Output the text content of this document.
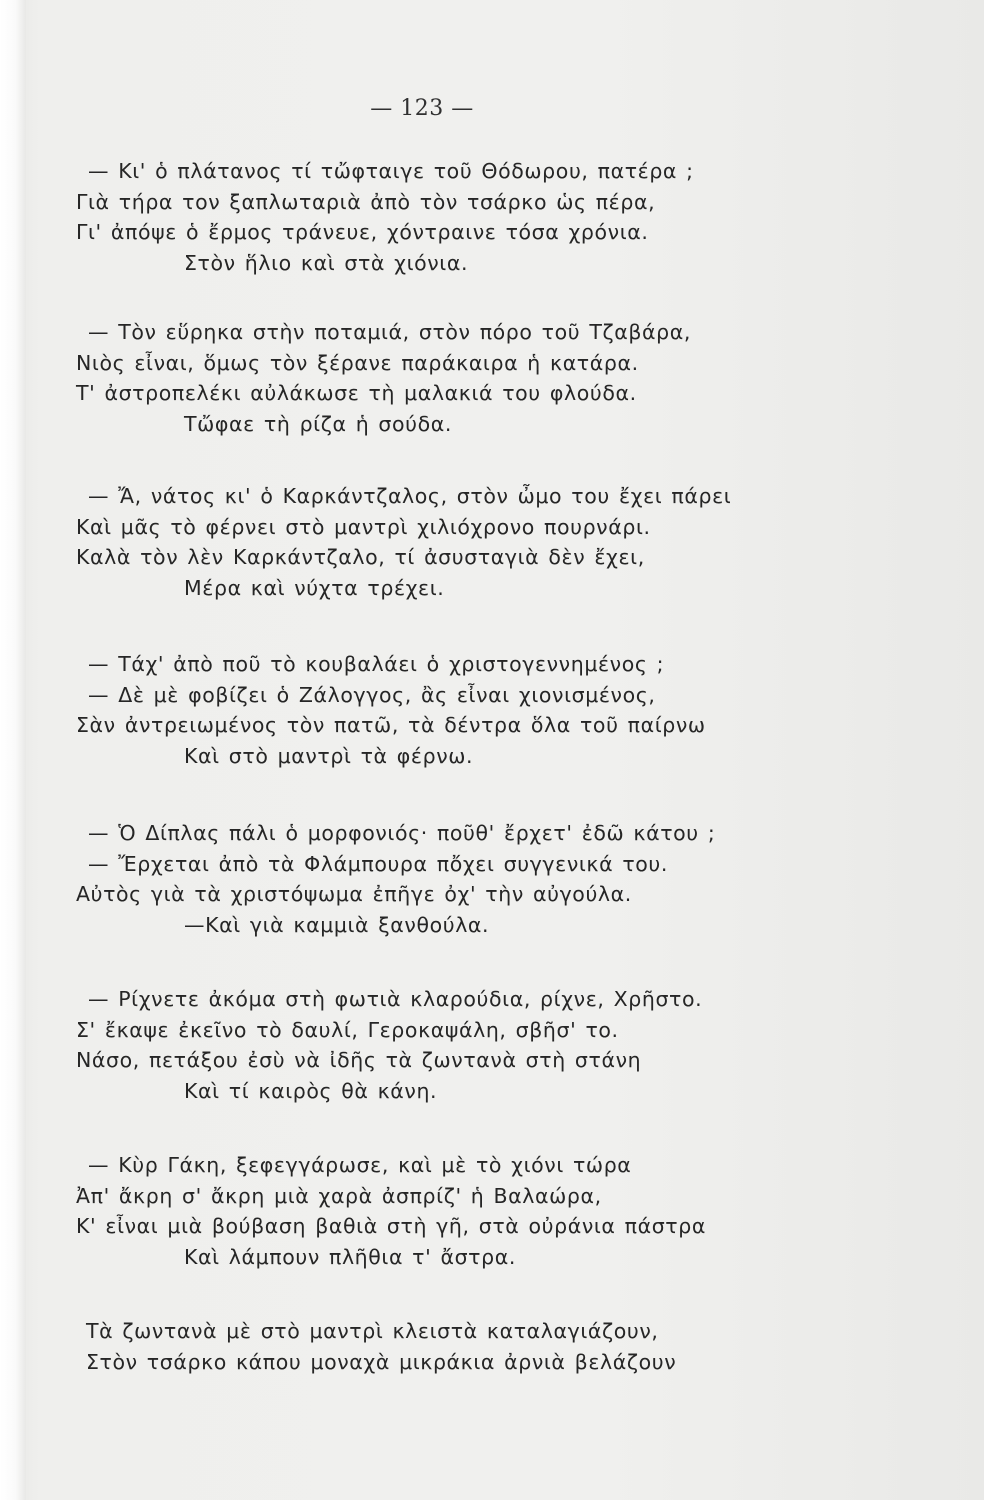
— 123 —
— Κι' ὁ πλάτανος τί τὤφταιγε τοῦ Θόδωρου, πατέρα ;
Γιὰ τήρα τον ξαπλωταριὰ ἀπὸ τὸν τσάρκο ὡς πέρα,
Γι' ἀπόψε ὁ ἔρμος τράνευε, χόντραινε τόσα χρόνια.
Στὸν ἥλιο καὶ στὰ χιόνια.
— Τὸν εὕρηκα στὴν ποταμιά, στὸν πόρο τοῦ Τζαβάρα,
Νιὸς εἶναι, ὅμως τὸν ξέρανε παράκαιρα ἡ κατάρα.
Τ' ἀστροπελέκι αὐλάκωσε τὴ μαλακιά του φλούδα.
Τὤφαε τὴ ρίζα ἡ σούδα.
— Ἄ, νάτος κι' ὁ Καρκάντζαλος, στὸν ὦμο του ἔχει πάρει
Καὶ μᾶς τὸ φέρνει στὸ μαντρὶ χιλιόχρονο πουρνάρι.
Καλὰ τὸν λὲν Καρκάντζαλο, τί ἀσυσταγιὰ δὲν ἔχει,
Μέρα καὶ νύχτα τρέχει.
— Τάχ' ἀπὸ ποῦ τὸ κουβαλάει ὁ χριστογεννημένος ;
— Δὲ μὲ φοβίζει ὁ Ζάλογγος, ἂς εἶναι χιονισμένος,
Σὰν ἀντρειωμένος τὸν πατῶ, τὰ δέντρα ὅλα τοῦ παίρνω
Καὶ στὸ μαντρὶ τὰ φέρνω.
— Ὁ Δίπλας πάλι ὁ μορφονιός· ποῦθ' ἔρχετ' ἐδῶ κάτου ;
— Ἔρχεται ἀπὸ τὰ Φλάμπουρα πὄχει συγγενικά του.
Αὐτὸς γιὰ τὰ χριστόψωμα ἐπῆγε ὀχ' τὴν αὐγούλα.
—Καὶ γιὰ καμμιὰ ξανθούλα.
— Ρίχνετε ἀκόμα στὴ φωτιὰ κλαρούδια, ρίχνε, Χρῆστο.
Σ' ἔκαψε ἐκεῖνο τὸ δαυλί, Γεροκαψάλη, σβῆσ' το.
Νάσο, πετάξου ἐσὺ νὰ ἰδῆς τὰ ζωντανὰ στὴ στάνη
Καὶ τί καιρὸς θὰ κάνη.
— Κὺρ Γάκη, ξεφεγγάρωσε, καὶ μὲ τὸ χιόνι τώρα
Ἀπ' ἄκρη σ' ἄκρη μιὰ χαρὰ ἀσπρίζ' ἡ Βαλαώρα,
Κ' εἶναι μιὰ βούβαση βαθιὰ στὴ γῆ, στὰ οὐράνια πάστρα
Καὶ λάμπουν πλῆθια τ' ἄστρα.
Τὰ ζωντανὰ μὲ στὸ μαντρὶ κλειστὰ καταλαγιάζουν,
Στὸν τσάρκο κάπου μοναχὰ μικράκια ἀρνιὰ βελάζουν
